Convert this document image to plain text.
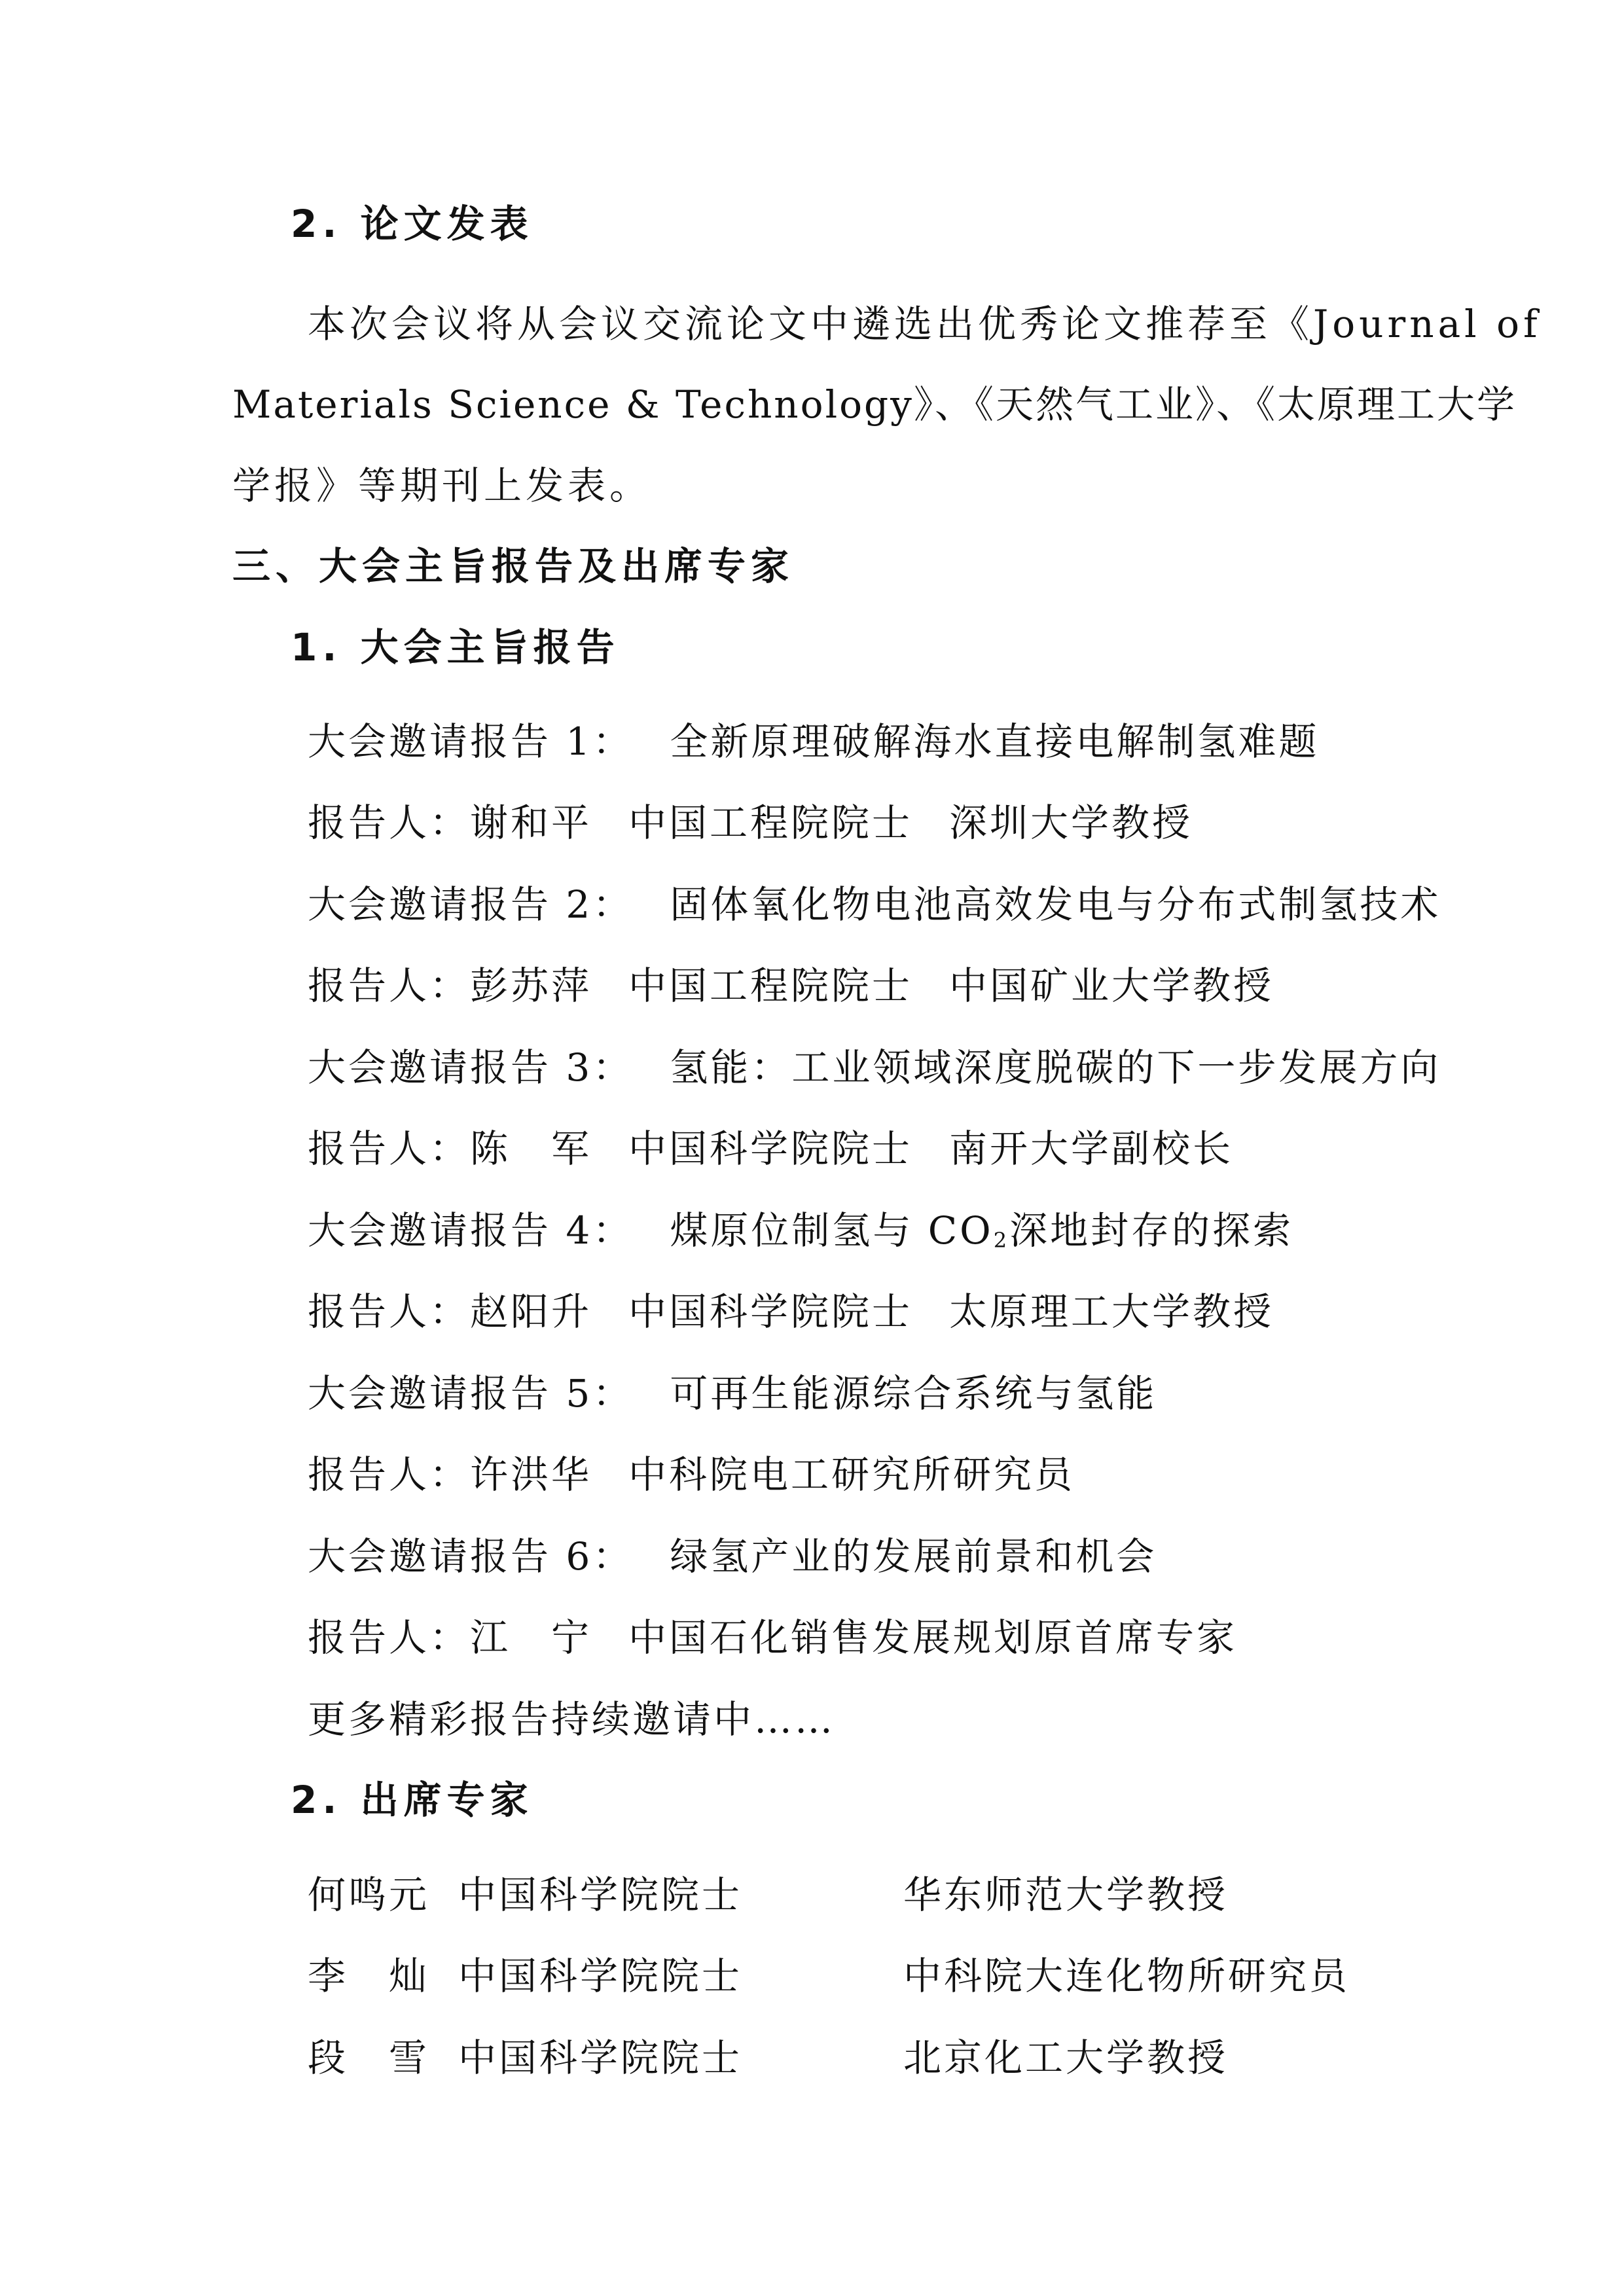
2. 论文发表
本次会议将从会议交流论文中遴选出优秀论文推荐至《Journal of
Materials Science & Technology》、《天然气工业》、《太原理工大学
学报》等期刊上发表。
三、大会主旨报告及出席专家
1. 大会主旨报告
大会邀请报告 1： 全新原理破解海水直接电解制氢难题
报告人：谢和平 中国工程院院士 深圳大学教授
大会邀请报告 2： 固体氧化物电池高效发电与分布式制氢技术
报告人：彭苏萍 中国工程院院士 中国矿业大学教授
大会邀请报告 3： 氢能：工业领域深度脱碳的下一步发展方向
报告人：陈　军 中国科学院院士 南开大学副校长
大会邀请报告 4： 煤原位制氢与 $CO_2$深地封存的探索
报告人：赵阳升 中国科学院院士 太原理工大学教授
大会邀请报告 5： 可再生能源综合系统与氢能
报告人：许洪华 中科院电工研究所研究员
大会邀请报告 6： 绿氢产业的发展前景和机会
报告人：江　宁 中国石化销售发展规划原首席专家
更多精彩报告持续邀请中……
2. 出席专家
何鸣元 中国科学院院士	华东师范大学教授
李　灿 中国科学院院士	中科院大连化物所研究员
段　雪 中国科学院院士	北京化工大学教授
